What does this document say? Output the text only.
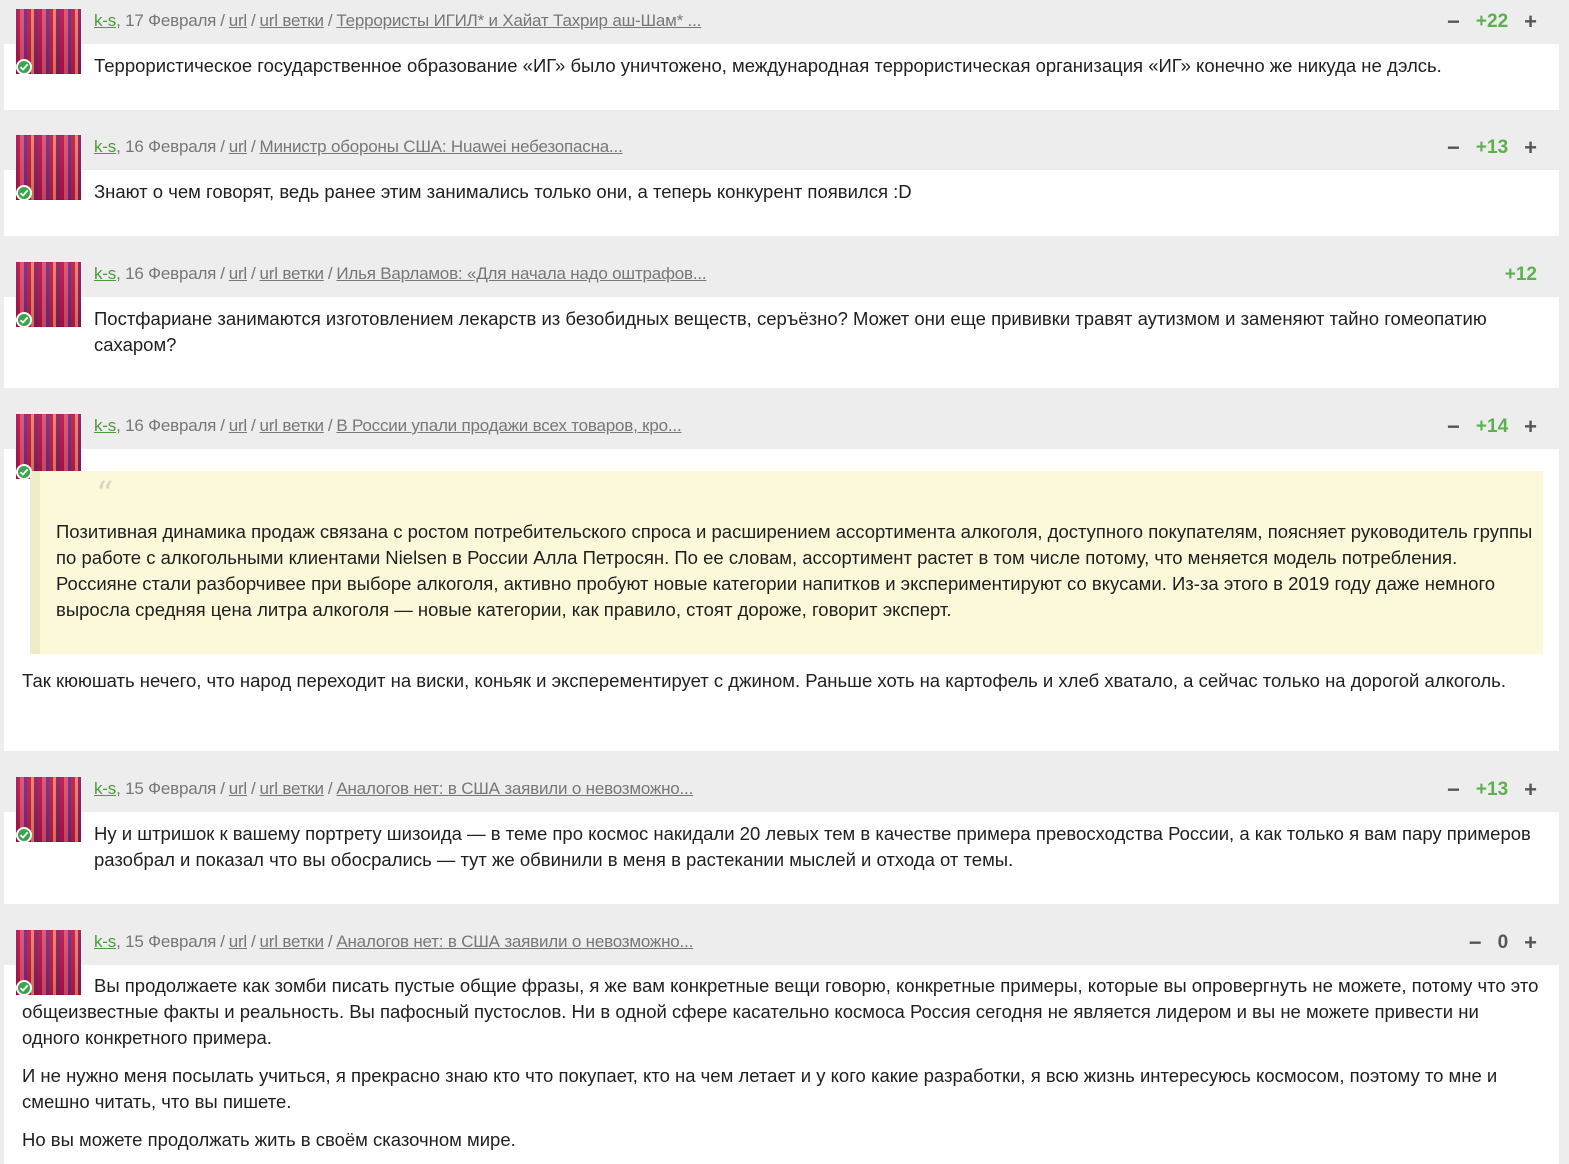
k-s, 17 Февраля / url / url ветки / Террористы ИГИЛ* и Хайат Тахрир аш-Шам* ...	− +22 +

Террористическое государственное образование «ИГ» было уничтожено, международная террористическая организация «ИГ» конечно же никуда не дэлсь.

k-s, 16 Февраля / url / Министр обороны США: Huawei небезопасна...	− +13 +

Знают о чем говорят, ведь ранее этим занимались только они, а теперь конкурент появился :D

k-s, 16 Февраля / url / url ветки / Илья Варламов: «Для начала надо оштрафов...	+12

Постфариане занимаются изготовлением лекарств из безобидных веществ, серъёзно? Может они еще прививки травят аутизмом и заменяют тайно гомеопатию сахаром?

k-s, 16 Февраля / url / url ветки / В России упали продажи всех товаров, кро...	− +14 +
“
Позитивная динамика продаж связана с ростом потребительского спроса и расширением ассортимента алкоголя, доступного покупателям, поясняет руководитель группы по работе с алкогольными клиентами Nielsen в России Алла Петросян. По ее словам, ассортимент растет в том числе потому, что меняется модель потребления. Россияне стали разборчивее при выборе алкоголя, активно пробуют новые категории напитков и экспериментируют со вкусами. Из-за этого в 2019 году даже немного выросла средняя цена литра алкоголя — новые категории, как правило, стоят дороже, говорит эксперт.

Так кююшать нечего, что народ переходит на виски, коньяк и эксперементирует с джином. Раньше хоть на картофель и хлеб хватало, а сейчас только на дорогой алкоголь.

k-s, 15 Февраля / url / url ветки / Аналогов нет: в США заявили о невозможно...	− +13 +

Ну и штришок к вашему портрету шизоида — в теме про космос накидали 20 левых тем в качестве примера превосходства России, а как только я вам пару примеров разобрал и показал что вы обосрались — тут же обвинили в меня в растекании мыслей и отхода от темы.

k-s, 15 Февраля / url / url ветки / Аналогов нет: в США заявили о невозможно...	− 0 +

Вы продолжаете как зомби писать пустые общие фразы, я же вам конкретные вещи говорю, конкретные примеры, которые вы опровергнуть не можете, потому что это общеизвестные факты и реальность. Вы пафосный пустослов. Ни в одной сфере касательно космоса Россия сегодня не является лидером и вы не можете привести ни одного конкретного примера.

И не нужно меня посылать учиться, я прекрасно знаю кто что покупает, кто на чем летает и у кого какие разработки, я всю жизнь интересуюсь космосом, поэтому то мне и смешно читать, что вы пишете.

Но вы можете продолжать жить в своём сказочном мире.
